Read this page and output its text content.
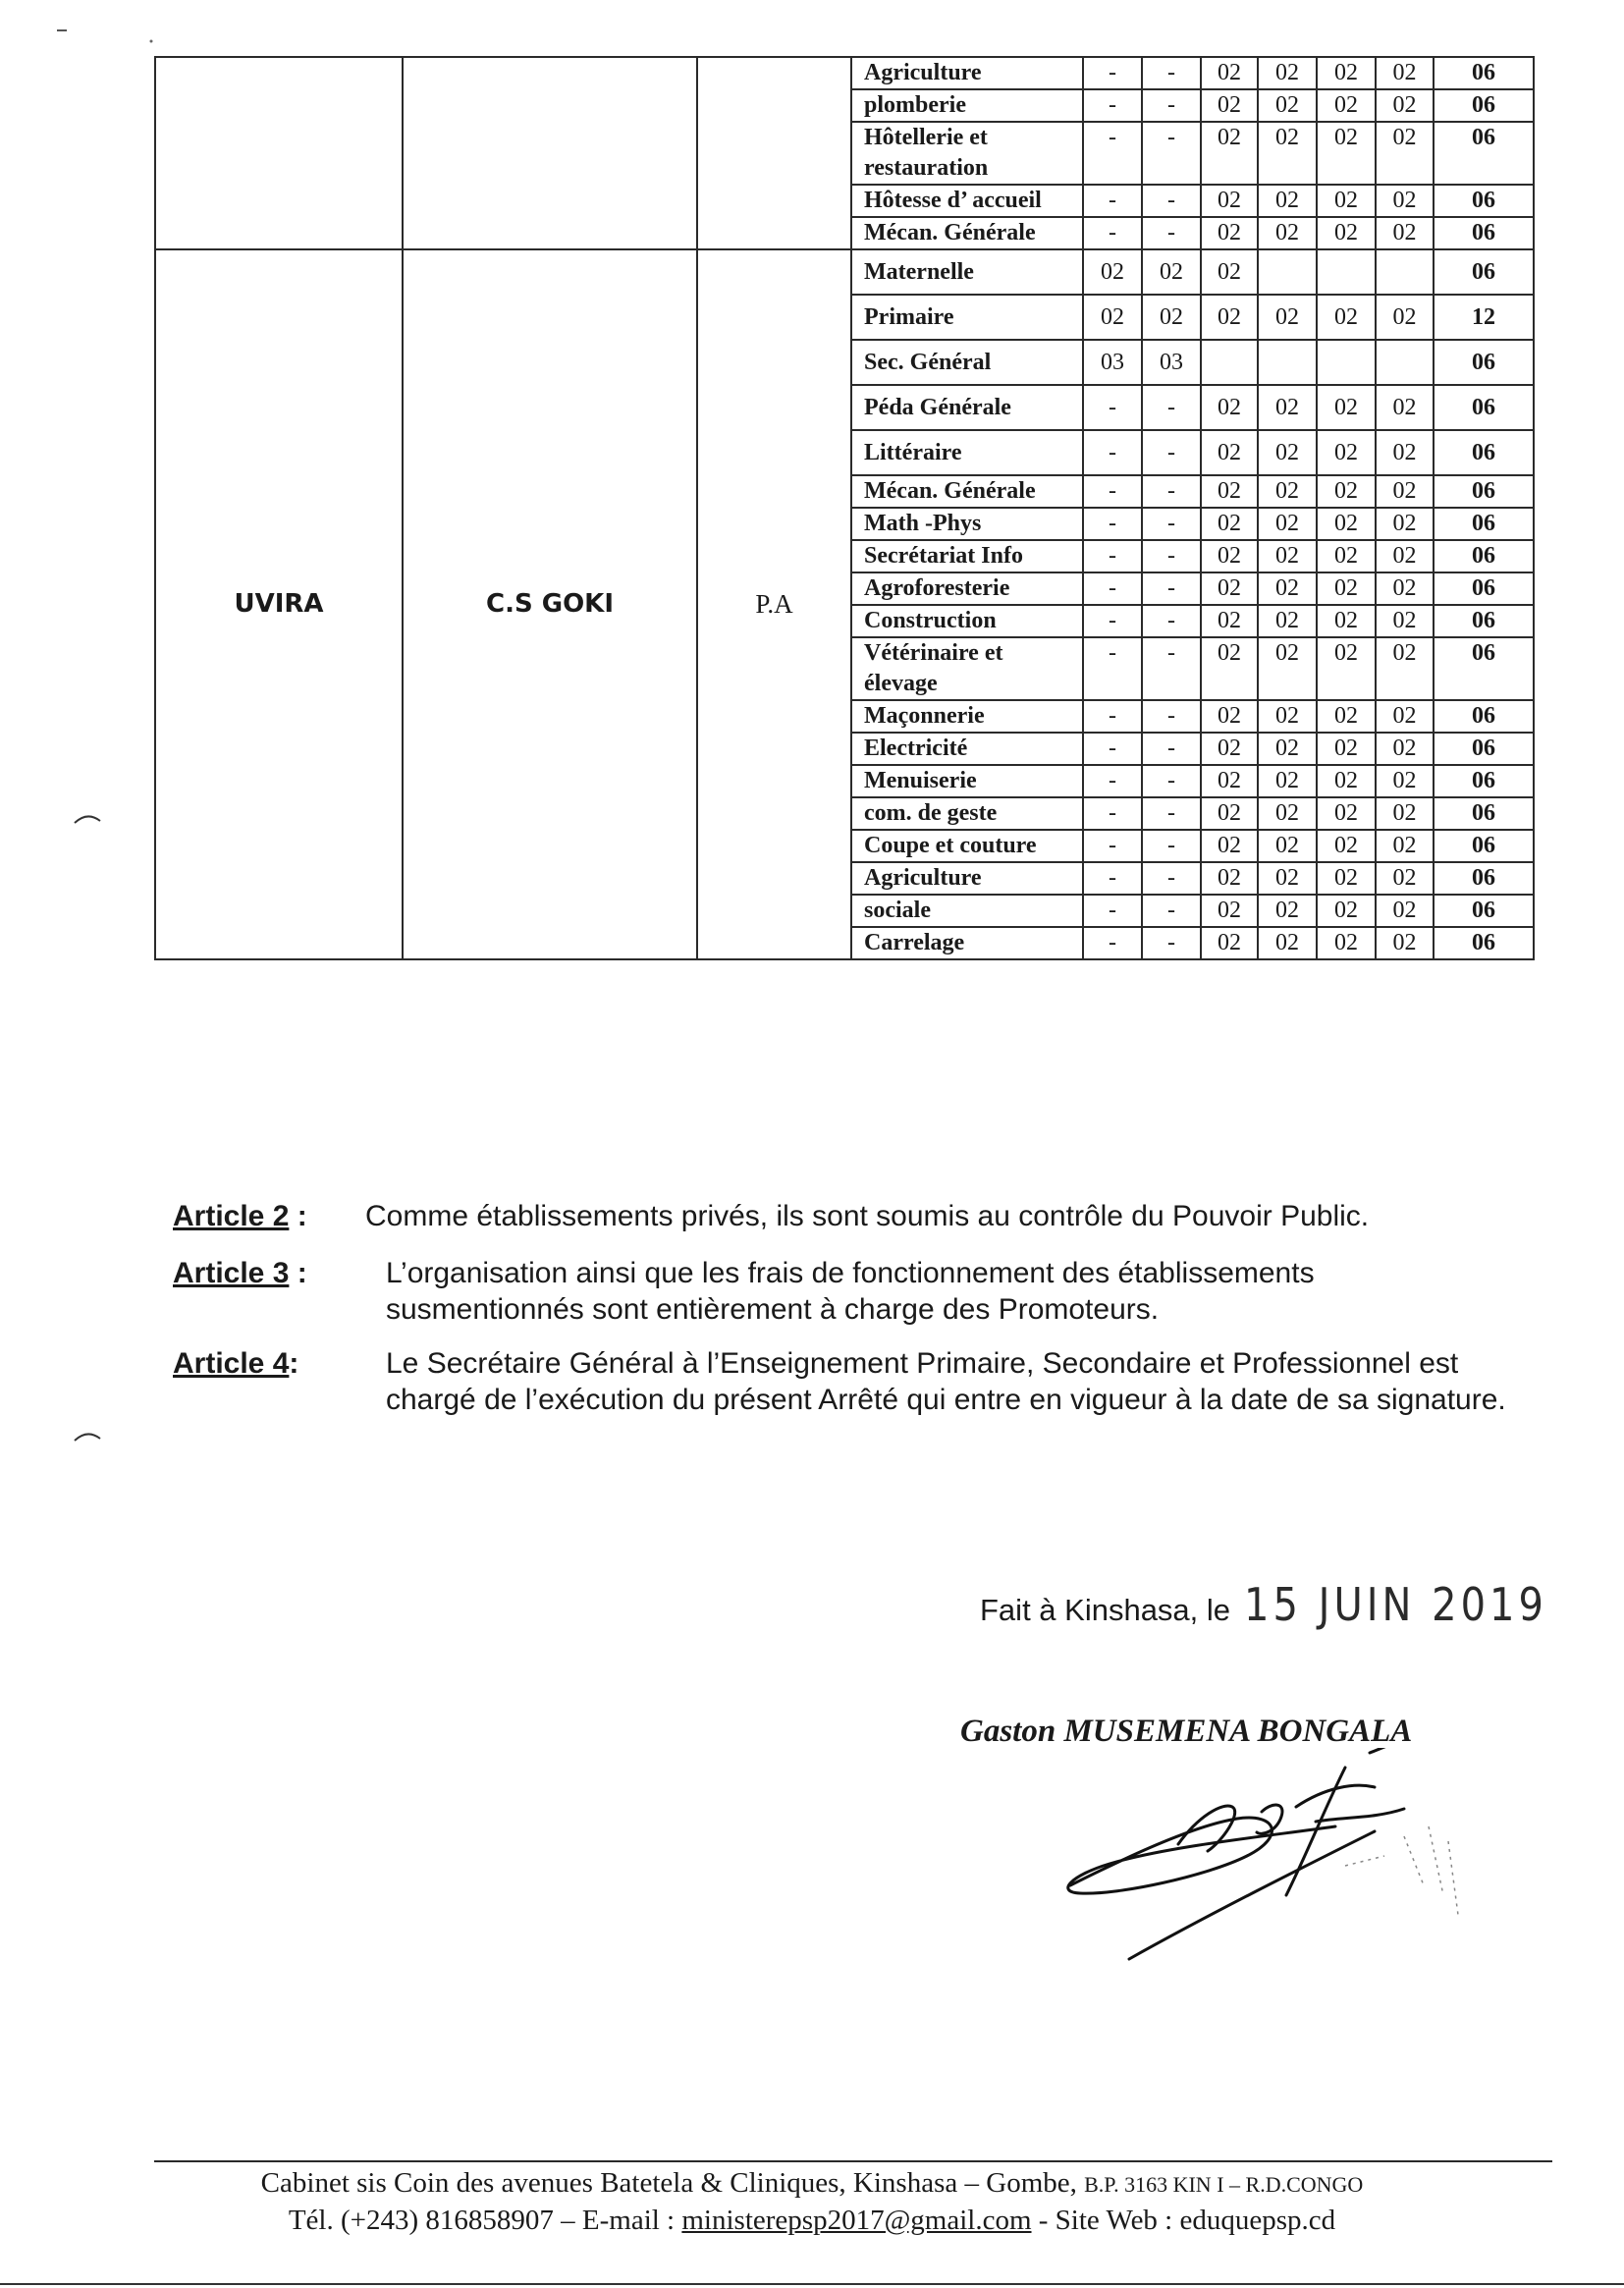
			Agriculture	-	-	02	02	02	02	06
			plomberie	-	-	02	02	02	02	06
			Hôtellerie et restauration	-	-	02	02	02	02	06
			Hôtesse d’ accueil	-	-	02	02	02	02	06
			Mécan. Générale	-	-	02	02	02	02	06
UVIRA	C.S GOKI	P.A	Maternelle	02	02	02				06
			Primaire	02	02	02	02	02	02	12
			Sec. Général	03	03					06
			Péda Générale	-	-	02	02	02	02	06
			Littéraire	-	-	02	02	02	02	06
			Mécan. Générale	-	-	02	02	02	02	06
			Math -Phys	-	-	02	02	02	02	06
			Secrétariat Info	-	-	02	02	02	02	06
			Agroforesterie	-	-	02	02	02	02	06
			Construction	-	-	02	02	02	02	06
			Vétérinaire et élevage	-	-	02	02	02	02	06
			Maçonnerie	-	-	02	02	02	02	06
			Electricité	-	-	02	02	02	02	06
			Menuiserie	-	-	02	02	02	02	06
			com. de geste	-	-	02	02	02	02	06
			Coupe et couture	-	-	02	02	02	02	06
			Agriculture	-	-	02	02	02	02	06
			sociale	-	-	02	02	02	02	06
			Carrelage	-	-	02	02	02	02	06
Article 2 : Comme établissements privés, ils sont soumis au contrôle du Pouvoir Public.
Article 3 :	L’organisation ainsi que les frais de fonctionnement des établissements susmentionnés sont entièrement à charge des Promoteurs.
Article 4:	Le Secrétaire Général à l’Enseignement Primaire, Secondaire et Professionnel est chargé de l’exécution du présent Arrêté qui entre en vigueur à la date de sa signature.
Fait à Kinshasa, le 15 JUIN 2019
Gaston MUSEMENA BONGALA
Cabinet sis Coin des avenues Batetela & Cliniques, Kinshasa – Gombe, B.P. 3163 KIN I – R.D.CONGO
Tél. (+243) 816858907 – E-mail : ministerepsp2017@gmail.com - Site Web : eduquepsp.cd
